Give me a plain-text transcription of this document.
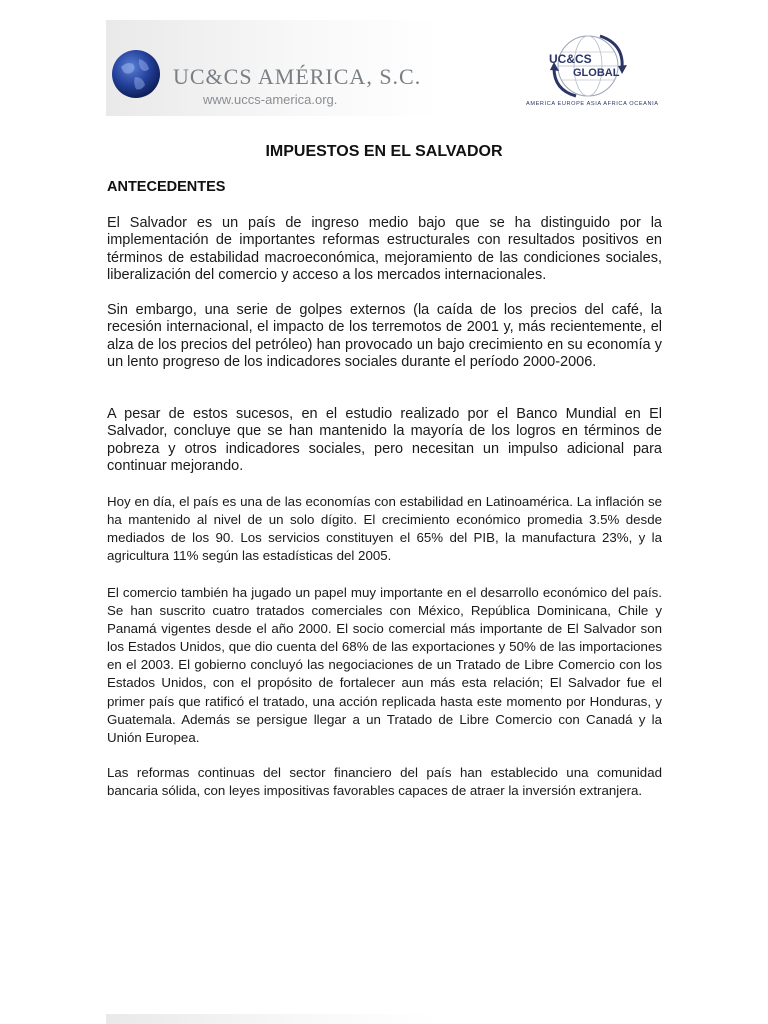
UC&CS AMÉRICA, S.C.
www.uccs-america.org.
UC&CS
GLOBAL
AMERICA EUROPE ASIA AFRICA OCEANIA
IMPUESTOS EN EL SALVADOR
ANTECEDENTES

El Salvador es un país de ingreso medio bajo que se ha distinguido por la implementación de importantes reformas estructurales con resultados positivos en términos de estabilidad macroeconómica, mejoramiento de las condiciones sociales, liberalización del comercio y acceso a los mercados internacionales.

Sin embargo, una serie de golpes externos (la caída de los precios del café, la recesión internacional, el impacto de los terremotos de 2001 y, más recientemente, el alza de los precios del petróleo) han provocado un bajo crecimiento en su economía y un lento progreso de los indicadores sociales durante el período 2000-2006.

A pesar de estos sucesos, en el estudio realizado por el Banco Mundial en El Salvador, concluye que se han mantenido la mayoría de los logros en términos de pobreza y otros indicadores sociales, pero necesitan un impulso adicional para continuar mejorando.

Hoy en día, el país es una de las economías con estabilidad en Latinoamérica. La inflación se ha mantenido al nivel de un solo dígito. El crecimiento económico promedia 3.5% desde mediados de los 90. Los servicios constituyen el 65% del PIB, la manufactura 23%, y la agricultura 11% según las estadísticas del 2005.

El comercio también ha jugado un papel muy importante en el desarrollo económico del país. Se han suscrito cuatro tratados comerciales con México, República Dominicana, Chile y Panamá vigentes desde el año 2000. El socio comercial más importante de El Salvador son los Estados Unidos, que dio cuenta del 68% de las exportaciones y 50% de las importaciones en el 2003. El gobierno concluyó las negociaciones de un Tratado de Libre Comercio con los Estados Unidos, con el propósito de fortalecer aun más esta relación; El Salvador fue el primer país que ratificó el tratado, una acción replicada hasta este momento por Honduras, y Guatemala. Además se persigue llegar a un Tratado de Libre Comercio con Canadá y la Unión Europea.

Las reformas continuas del sector financiero del país han establecido una comunidad bancaria sólida, con leyes impositivas favorables capaces de atraer la inversión extranjera.
